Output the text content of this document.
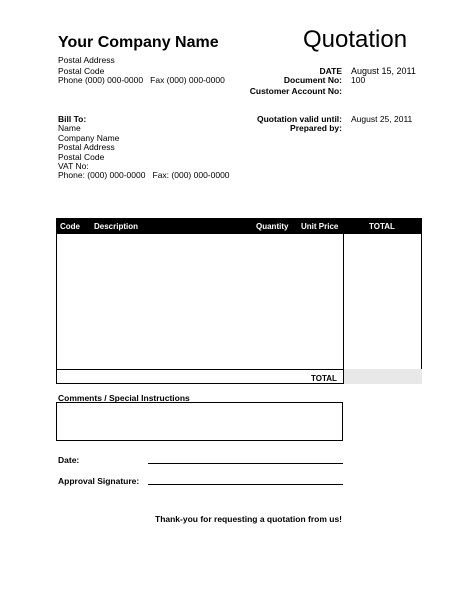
Your Company Name
Postal Address
Postal Code
Phone (000) 000-0000   Fax (000) 000-0000
Quotation
DATE August 15, 2011
Document No: 100
Customer Account No:
Bill To:
Name
Company Name
Postal Address
Postal Code
VAT No:
Phone: (000) 000-0000   Fax: (000) 000-0000
Quotation valid until: August 25, 2011
Prepared by:
Code Description	Quantity Unit Price	TOTAL
TOTAL
Comments / Special Instructions
Date:
Approval Signature:
Thank-you for requesting a quotation from us!
